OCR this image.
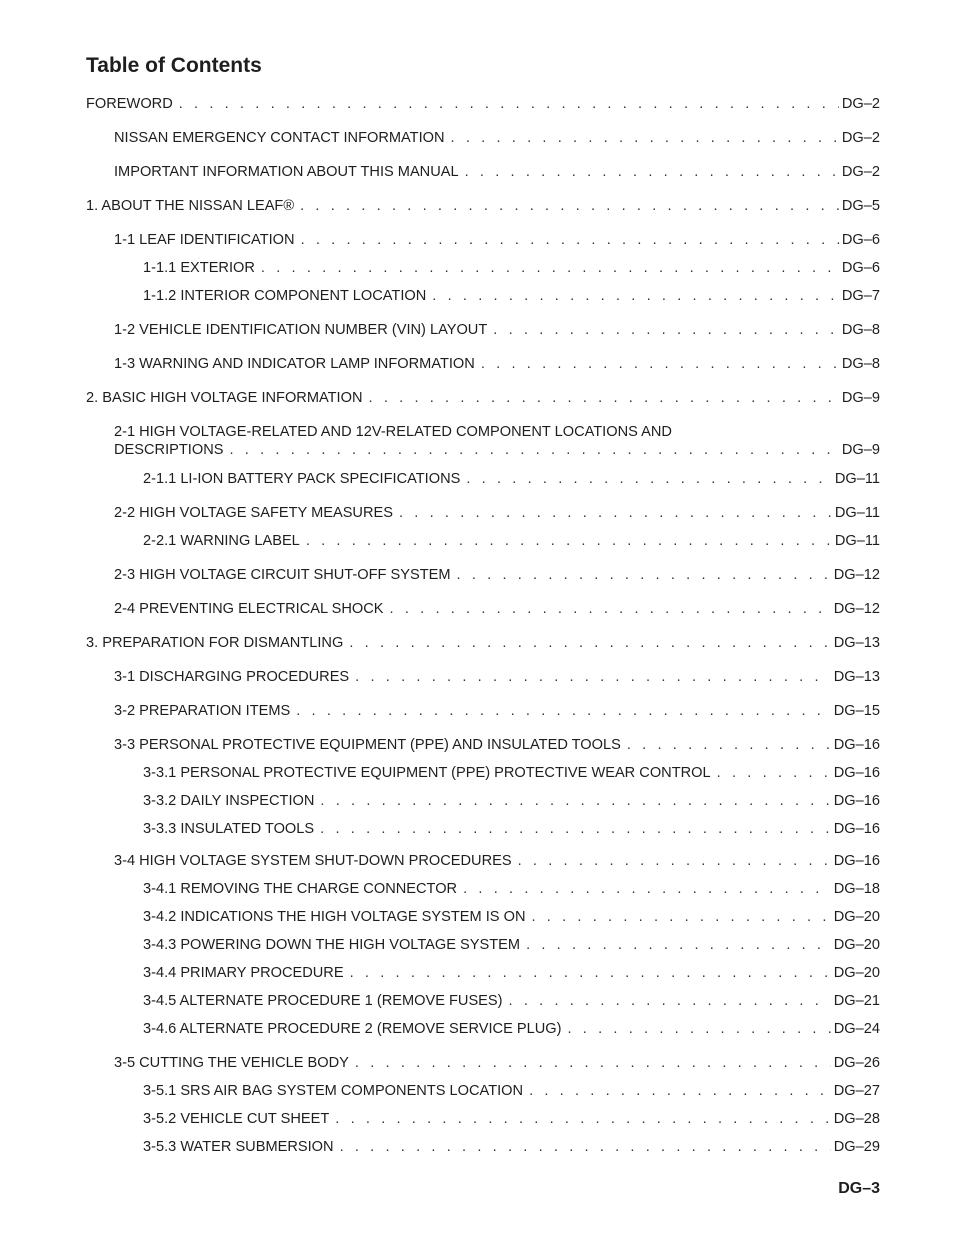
Table of Contents
FOREWORD . . .	DG–2
NISSAN EMERGENCY CONTACT INFORMATION . . .	DG–2
IMPORTANT INFORMATION ABOUT THIS MANUAL . . .	DG–2
1. ABOUT THE NISSAN LEAF® . . .	DG–5
1-1 LEAF IDENTIFICATION . . .	DG–6
1-1.1 EXTERIOR . . .	DG–6
1-1.2 INTERIOR COMPONENT LOCATION . . .	DG–7
1-2 VEHICLE IDENTIFICATION NUMBER (VIN) LAYOUT . . .	DG–8
1-3 WARNING AND INDICATOR LAMP INFORMATION . . .	DG–8
2. BASIC HIGH VOLTAGE INFORMATION . . .	DG–9
2-1 HIGH VOLTAGE-RELATED AND 12V-RELATED COMPONENT LOCATIONS AND
DESCRIPTIONS . . .	DG–9
2-1.1 LI-ION BATTERY PACK SPECIFICATIONS . . .	DG–11
2-2 HIGH VOLTAGE SAFETY MEASURES . . .	DG–11
2-2.1 WARNING LABEL . . .	DG–11
2-3 HIGH VOLTAGE CIRCUIT SHUT-OFF SYSTEM . . .	DG–12
2-4 PREVENTING ELECTRICAL SHOCK . . .	DG–12
3. PREPARATION FOR DISMANTLING . . .	DG–13
3-1 DISCHARGING PROCEDURES . . .	DG–13
3-2 PREPARATION ITEMS . . .	DG–15
3-3 PERSONAL PROTECTIVE EQUIPMENT (PPE) AND INSULATED TOOLS . . .	DG–16
3-3.1 PERSONAL PROTECTIVE EQUIPMENT (PPE) PROTECTIVE WEAR CONTROL . . .	DG–16
3-3.2 DAILY INSPECTION . . .	DG–16
3-3.3 INSULATED TOOLS . . .	DG–16
3-4 HIGH VOLTAGE SYSTEM SHUT-DOWN PROCEDURES . . .	DG–16
3-4.1 REMOVING THE CHARGE CONNECTOR . . .	DG–18
3-4.2 INDICATIONS THE HIGH VOLTAGE SYSTEM IS ON . . .	DG–20
3-4.3 POWERING DOWN THE HIGH VOLTAGE SYSTEM . . .	DG–20
3-4.4 PRIMARY PROCEDURE . . .	DG–20
3-4.5 ALTERNATE PROCEDURE 1 (REMOVE FUSES) . . .	DG–21
3-4.6 ALTERNATE PROCEDURE 2 (REMOVE SERVICE PLUG) . . .	DG–24
3-5 CUTTING THE VEHICLE BODY . . .	DG–26
3-5.1 SRS AIR BAG SYSTEM COMPONENTS LOCATION . . .	DG–27
3-5.2 VEHICLE CUT SHEET . . .	DG–28
3-5.3 WATER SUBMERSION . . .	DG–29
DG–3
